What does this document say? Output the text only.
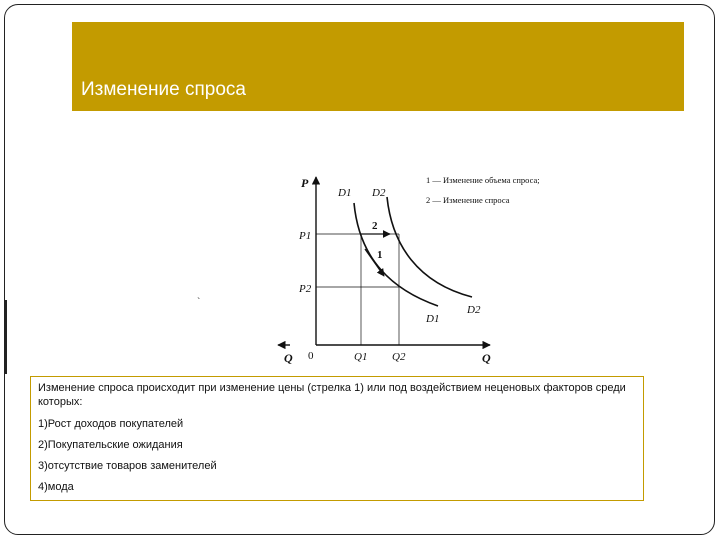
Изменение спроса
`
P
Q
Q 0
P1
P2
Q1 Q2
D1 D2
D1
D2
2
1
1 — Изменение объема спроса;
2 — Изменение спроса

Изменение спроса происходит при изменение цены (стрелка 1) или под воздействием неценовых факторов среди которых:

1)Рост доходов покупателей
2)Покупательские ожидания
3)отсутствие товаров заменителей
4)мода
